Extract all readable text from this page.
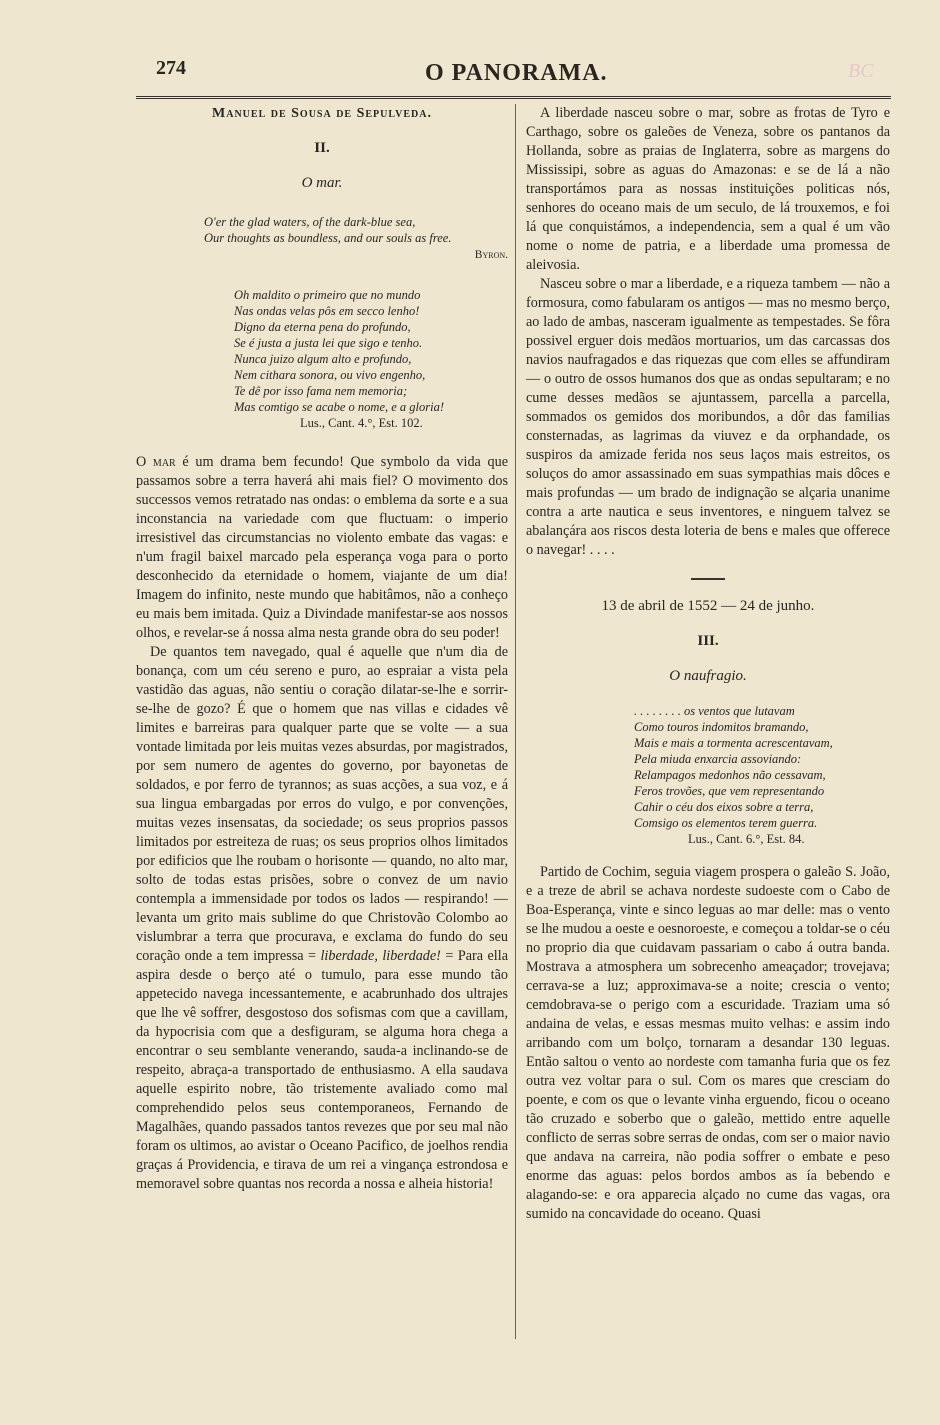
274	O PANORAMA.	BC
Manuel de Sousa de Sepulveda.
II.
O mar.
O'er the glad waters, of the dark-blue sea,
Our thoughts as boundless, and our souls as free.
Byron.
Oh maldito o primeiro que no mundo
Nas ondas velas pôs em secco lenho!
Digno da eterna pena do profundo,
Se é justa a justa lei que sigo e tenho.
Nunca juizo algum alto e profundo,
Nem cithara sonora, ou vivo engenho,
Te dê por isso fama nem memoria;
Mas comtigo se acabe o nome, e a gloria!
Lus., Cant. 4.°, Est. 102.

O mar é um drama bem fecundo! Que symbolo da vida que passamos sobre a terra haverá ahi mais fiel? O movimento dos successos vemos retratado nas ondas: o emblema da sorte e a sua inconstancia na variedade com que fluctuam: o imperio irresistivel das circumstancias no violento embate das vagas: e n'um fragil baixel marcado pela esperança voga para o porto desconhecido da eternidade o homem, viajante de um dia! Imagem do infinito, neste mundo que habitâmos, não a conheço eu mais bem imitada. Quiz a Divindade manifestar-se aos nossos olhos, e revelar-se á nossa alma nesta grande obra do seu poder!

De quantos tem navegado, qual é aquelle que n'um dia de bonança, com um céu sereno e puro, ao espraiar a vista pela vastidão das aguas, não sentiu o coração dilatar-se-lhe e sorrir-se-lhe de gozo? É que o homem que nas villas e cidades vê limites e barreiras para qualquer parte que se volte — a sua vontade limitada por leis muitas vezes absurdas, por magistrados, por sem numero de agentes do governo, por bayonetas de soldados, e por ferro de tyrannos; as suas acções, a sua voz, e á sua lingua embargadas por erros do vulgo, e por convenções, muitas vezes insensatas, da sociedade; os seus proprios passos limitados por estreiteza de ruas; os seus proprios olhos limitados por edificios que lhe roubam o horisonte — quando, no alto mar, solto de todas estas prisões, sobre o convez de um navio contempla a immensidade por todos os lados — respirando! — levanta um grito mais sublime do que Christovão Colombo ao vislumbrar a terra que procurava, e exclama do fundo do seu coração onde a tem impressa = liberdade, liberdade! = Para ella aspira desde o berço até o tumulo, para esse mundo tão appetecido navega incessantemente, e acabrunhado dos ultrajes que lhe vê soffrer, desgostoso dos sofismas com que a cavillam, da hypocrisia com que a desfiguram, se alguma hora chega a encontrar o seu semblante venerando, sauda-a inclinando-se de respeito, abraça-a transportado de enthusiasmo. A ella saudava aquelle espirito nobre, tão tristemente avaliado como mal comprehendido pelos seus contemporaneos, Fernando de Magalhães, quando passados tantos revezes que por seu mal não foram os ultimos, ao avistar o Oceano Pacifico, de joelhos rendia graças á Providencia, e tirava de um rei a vingança estrondosa e memoravel sobre quantas nos recorda a nossa e alheia historia!

A liberdade nasceu sobre o mar, sobre as frotas de Tyro e Carthago, sobre os galeões de Veneza, sobre os pantanos da Hollanda, sobre as praias de Inglaterra, sobre as margens do Mississipi, sobre as aguas do Amazonas: e se de lá a não transportámos para as nossas instituições politicas nós, senhores do oceano mais de um seculo, de lá trouxemos, e foi lá que conquistámos, a independencia, sem a qual é um vão nome o nome de patria, e a liberdade uma promessa de aleivosia.

Nasceu sobre o mar a liberdade, e a riqueza tambem — não a formosura, como fabularam os antigos — mas no mesmo berço, ao lado de ambas, nasceram igualmente as tempestades. Se fôra possivel erguer dois medãos mortuarios, um das carcassas dos navios naufragados e das riquezas que com elles se affundiram — o outro de ossos humanos dos que as ondas sepultaram; e no cume desses medãos se ajuntassem, parcella a parcella, sommados os gemidos dos moribundos, a dôr das familias consternadas, as lagrimas da viuvez e da orphandade, os suspiros da amizade ferida nos seus laços mais estreitos, os soluços do amor assassinado em suas sympathias mais dôces e mais profundas — um brado de indignação se alçaria unanime contra a arte nautica e seus inventores, e ninguem talvez se abalançára aos riscos desta loteria de bens e males que offerece o navegar! . . . .

13 de abril de 1552 — 24 de junho.
III.
O naufragio.
. . . . . . . . os ventos que lutavam
Como touros indomitos bramando,
Mais e mais a tormenta acrescentavam,
Pela miuda enxarcia assoviando:
Relampagos medonhos não cessavam,
Feros trovões, que vem representando
Cahir o céu dos eixos sobre a terra,
Comsigo os elementos terem guerra.
Lus., Cant. 6.°, Est. 84.

Partido de Cochim, seguia viagem prospera o galeão S. João, e a treze de abril se achava nordeste sudoeste com o Cabo de Boa-Esperança, vinte e sinco leguas ao mar delle: mas o vento se lhe mudou a oeste e oesnoroeste, e começou a toldar-se o céu no proprio dia que cuidavam passariam o cabo á outra banda. Mostrava a atmosphera um sobrecenho ameaçador; trovejava; cerrava-se a luz; approximava-se a noite; crescia o vento; cemdobrava-se o perigo com a escuridade. Traziam uma só andaina de velas, e essas mesmas muito velhas: e assim indo arribando com um bolço, tornaram a desandar 130 leguas. Então saltou o vento ao nordeste com tamanha furia que os fez outra vez voltar para o sul. Com os mares que cresciam do poente, e com os que o levante vinha erguendo, ficou o oceano tão cruzado e soberbo que o galeão, mettido entre aquelle conflicto de serras sobre serras de ondas, com ser o maior navio que andava na carreira, não podia soffrer o embate e peso enorme das aguas: pelos bordos ambos as ía bebendo e alagando-se: e ora apparecia alçado no cume das vagas, ora sumido na concavidade do oceano. Quasi
